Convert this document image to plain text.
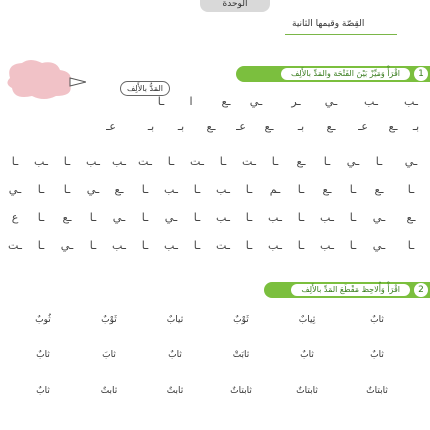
الوحدة
القِصّة وقيمها الثانية
اقْرَأْ وَمَيِّزْ بَيْنَ الفَتْحَة والمَدِّ بالأَلِف	1
المَدُّ بالأَلِف
ـا	ا	ـع	ـي	ـر	ـي	ـب	ـب
عـ	بـ	بـ	ـع	عـ	ـع	بـ	ـع	عـ	ـع	بـ
ـا	ـب	ـا	ـب	ـب	ـت	ـا	ـت	ـا	ـت	ـا	ـع	ـا	ـي	ـا	ـي
ـي	ـا	ـا	ـي	ـع	ـا	ـب	ـا	ـب	ـا	ـم	ـا	ـع	ـا	ـع	ـا
ع	ـا	ـع	ـا	ـي	ـا	ـي	ـا	ـب	ـا	ـب	ـا	ـب	ـا	ـي	ـع
ـت	ـا	ـي	ـا	ـب	ـا	ـب	ـا	ـت	ـا	ـب	ـا	ـب	ـا	ـي	ـا
اقْرَأْ وَأُلاحِظ مَقْطَعَ المَدِّ بالأَلِف	2
ثُوبٌ	ثَوْبٌ	ثيابٌ	ثَوْبٌ	ثِيابٌ	ثابٌ
ثابٌ	ثابَ	ثابٌ	ثابَتْ	ثابٌ	ثابٌ
ثابٌ	ثابتٌ	ثابتٌ	ثابتاتٌ	ثابتاتٌ	ثابتاتٌ
